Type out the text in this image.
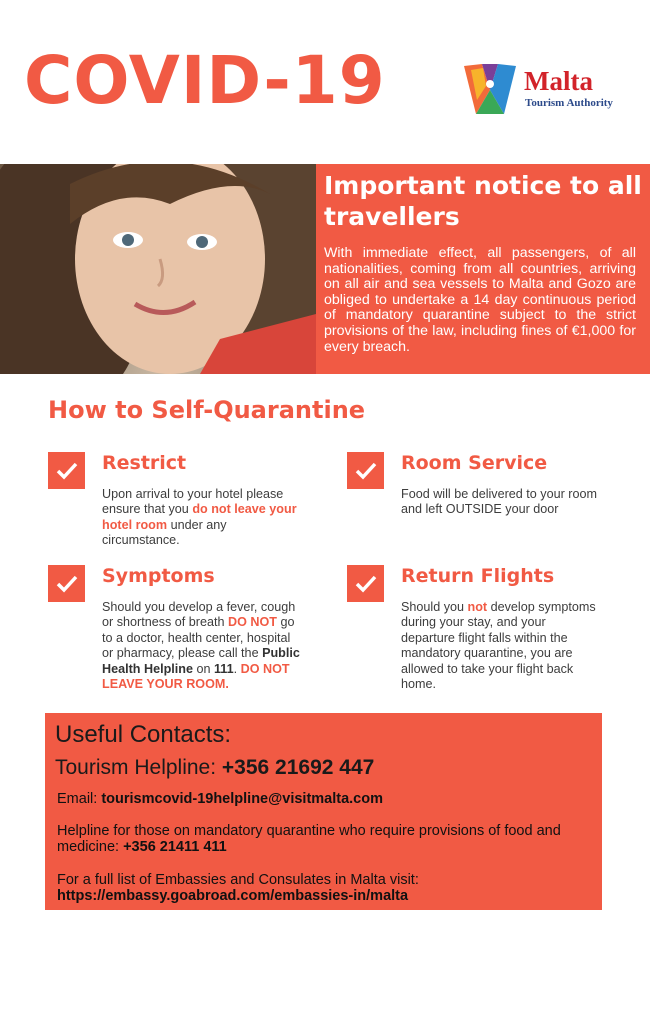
COVID-19	Malta
Tourism Authority
Important notice to all travellers
With immediate effect, all passengers, of all nationalities, coming from all countries, arriving on all air and sea vessels to Malta and Gozo are obliged to undertake a 14 day continuous period of mandatory quarantine subject to the strict provisions of the law, including fines of €1,000 for every breach.
How to Self-Quarantine
Restrict
Upon arrival to your hotel please ensure that you do not leave your hotel room under any circumstance.
Room Service
Food will be delivered to your room and left OUTSIDE your door
Symptoms
Should you develop a fever, cough or shortness of breath DO NOT go to a doctor, health center, hospital or pharmacy, please call the Public Health Helpline on 111. DO NOT LEAVE YOUR ROOM.
Return Flights
Should you not develop symptoms during your stay, and your departure flight falls within the mandatory quarantine, you are allowed to take your flight back home.
Useful Contacts:
Tourism Helpline: +356 21692 447
Email: tourismcovid-19helpline@visitmalta.com
Helpline for those on mandatory quarantine who require provisions of food and medicine: +356 21411 411
For a full list of Embassies and Consulates in Malta visit:
https://embassy.goabroad.com/embassies-in/malta
